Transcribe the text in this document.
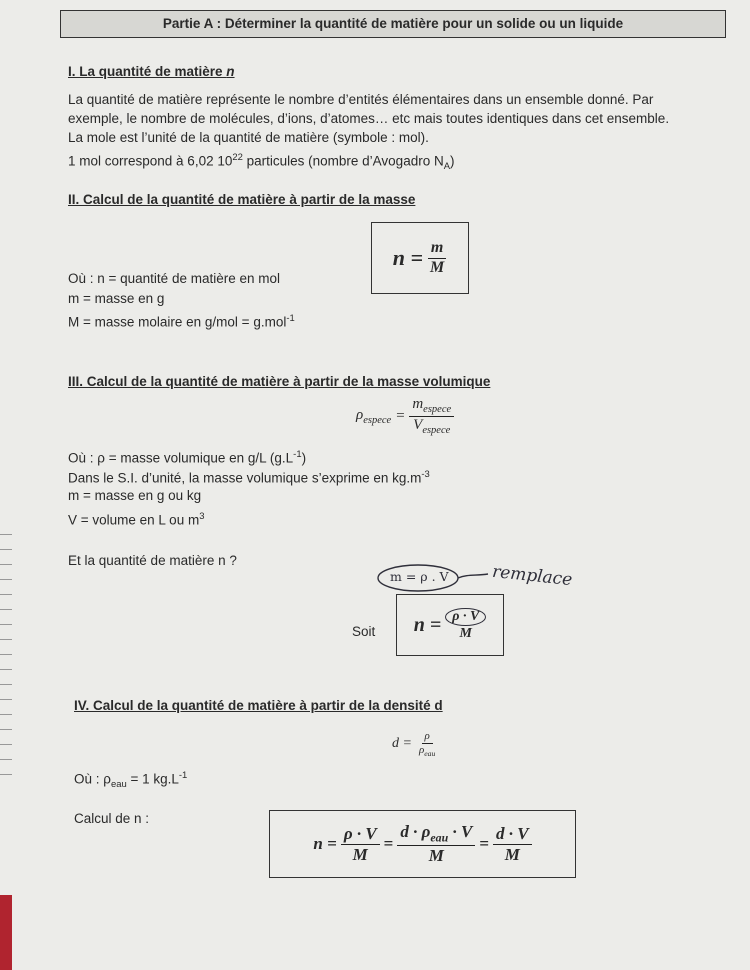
Partie A : Déterminer la quantité de matière pour un solide ou un liquide
I. La quantité de matière n
La quantité de matière représente le nombre d’entités élémentaires dans un ensemble donné. Par
exemple, le nombre de molécules, d’ions, d’atomes… etc mais toutes identiques dans cet ensemble.
La mole est l’unité de la quantité de matière (symbole : mol).
1 mol correspond à 6,02 $10^{22}$ particules (nombre d’Avogadro $N_A$)
II. Calcul de la quantité de matière à partir de la masse
$n = \frac{m}{M}$
Où : n = quantité de matière en mol
m = masse en g
M = masse molaire en g/mol = g.mol$^{-1}$
III. Calcul de la quantité de matière à partir de la masse volumique
$\rho_{espece} = \frac{m_{espece}}{V_{espece}}$
Où : ρ = masse volumique en g/L $(g.L^{-1})$
Dans le S.I. d’unité, la masse volumique s’exprime en $kg.m^{-3}$
m = masse en g ou kg
V = volume en L ou $m^3$
Et la quantité de matière n ?
m = ρ . V	remplace
Soit $n = \frac{\rho \cdot V}{M}$
IV. Calcul de la quantité de matière à partir de la densité d
$d = \frac{\rho}{\rho_{eau}}$
Où : $\rho_{eau} = 1$ $kg.L^{-1}$
Calcul de n :
$n = \frac{\rho \cdot V}{M} = \frac{d \cdot \rho_{eau} \cdot V}{M} = \frac{d \cdot V}{M}$
